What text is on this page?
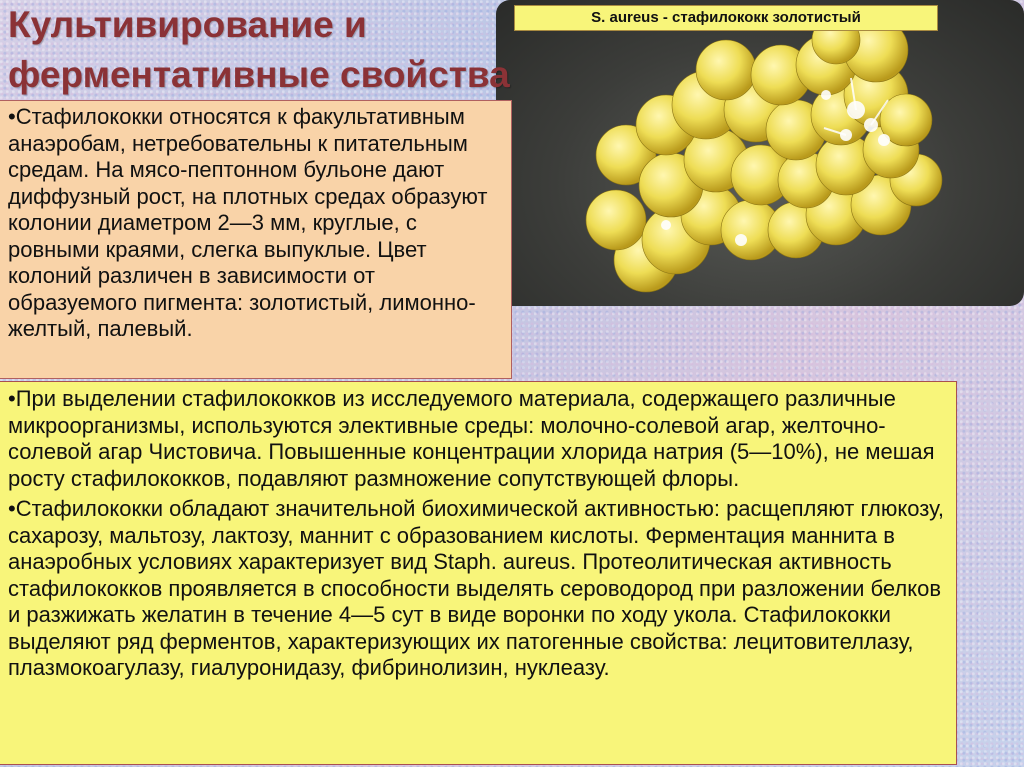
S. aureus - стафилококк золотистый
Культивирование и ферментативные свойства

•Стафилококки относятся к факультативным анаэробам, нетребовательны к питательным средам. На мясо-пептонном бульоне дают диффузный рост, на плотных средах образуют колонии диаметром 2—3 мм, круглые, с ровными краями, слегка выпуклые. Цвет колоний различен в зависимости от образуемого пигмента: золотистый, лимонно-желтый, палевый.

•При выделении стафилококков из исследуемого материала, содержащего различные микроорганизмы, используются элективные среды: молочно-солевой агар, желточно-солевой агар Чистовича. Повышенные концентрации хлорида натрия (5—10%), не мешая росту стафилококков, подавляют размножение сопутствующей флоры.

•Стафилококки обладают значительной биохимической активностью: расщепляют глюкозу, сахарозу, мальтозу, лактозу, маннит с образованием кислоты. Ферментация маннита в анаэробных условиях характеризует вид Staph. aureus. Протеолитическая активность стафилококков проявляется в способности выделять сероводород при разложении белков и разжижать желатин в течение 4—5 сут в виде воронки по ходу укола. Стафилококки выделяют ряд ферментов, характеризующих их патогенные свойства: лецитовителлазу, плазмокоагулазу, гиалуронидазу, фибринолизин, нуклеазу.
